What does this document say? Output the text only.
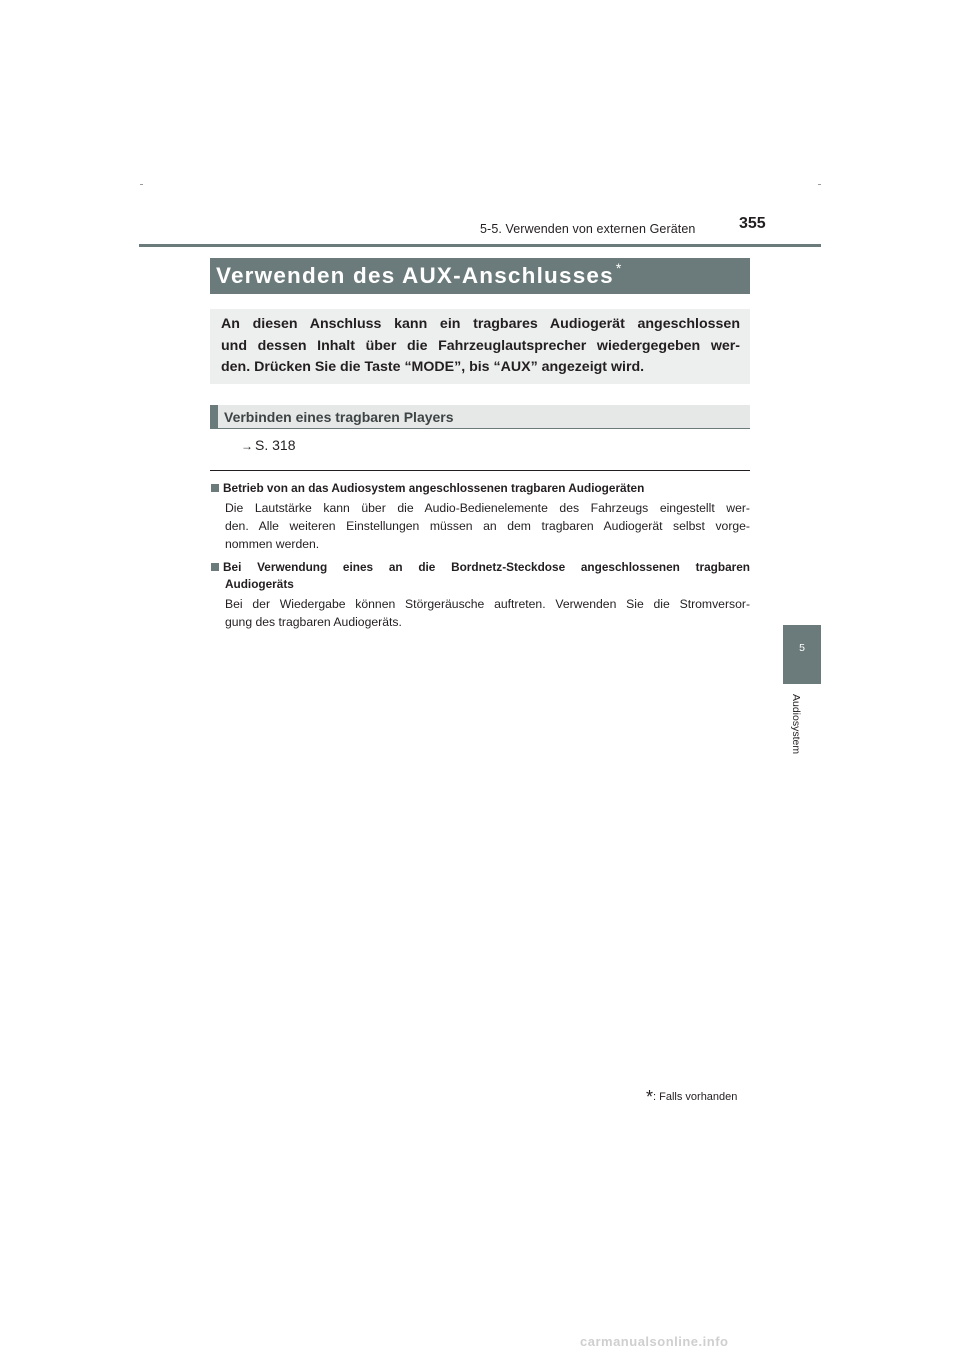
5-5. Verwenden von externen Geräten	355
5
Audiosystem
Verwenden des AUX-Anschlusses *
An diesen Anschluss kann ein tragbares Audiogerät angeschlossen
und dessen Inhalt über die Fahrzeuglautsprecher wiedergegeben wer-
den. Drücken Sie die Taste “MODE”, bis “AUX” angezeigt wird.
Verbinden eines tragbaren Players
→ S. 318
Betrieb von an das Audiosystem angeschlossenen tragbaren Audiogeräten
Die Lautstärke kann über die Audio-Bedienelemente des Fahrzeugs eingestellt wer-
den. Alle weiteren Einstellungen müssen an dem tragbaren Audiogerät selbst vorge-
nommen werden.
Bei Verwendung eines an die Bordnetz-Steckdose angeschlossenen tragbaren
Audiogeräts
Bei der Wiedergabe können Störgeräusche auftreten. Verwenden Sie die Stromversor-
gung des tragbaren Audiogeräts.
*: Falls vorhanden
carmanualsonline.info
